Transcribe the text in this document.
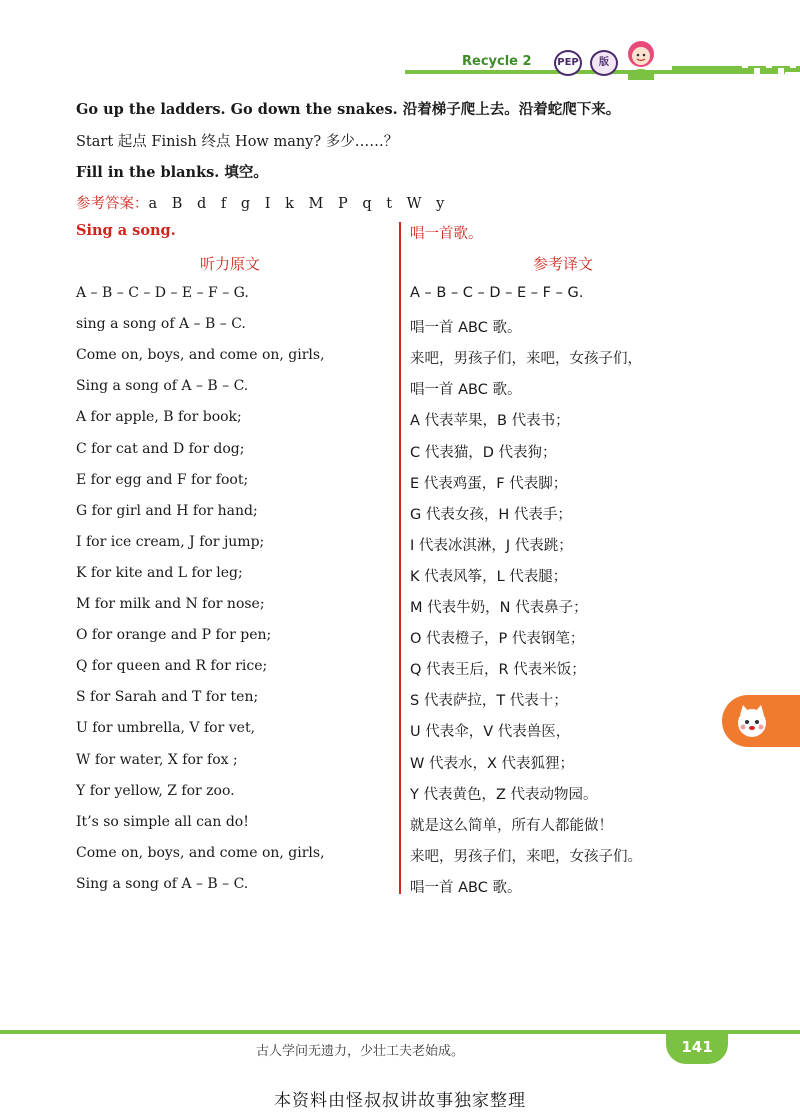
Recycle 2	PEP	版
Go up the ladders. Go down the snakes. 沿着梯子爬上去。沿着蛇爬下来。
Start 起点 Finish 终点 How many? 多少……？
Fill in the blanks. 填空。
参考答案：a B d f g I k M P q t W y
Sing a song.	唱一首歌。
听力原文	参考译文
A – B – C – D – E – F – G.	A – B – C – D – E – F – G.
sing a song of A – B – C.	唱一首 ABC 歌。
Come on, boys, and come on, girls,	来吧，男孩子们，来吧，女孩子们，
Sing a song of A – B – C.	唱一首 ABC 歌。
A for apple, B for book;	A 代表苹果，B 代表书；
C for cat and D for dog;	C 代表猫，D 代表狗；
E for egg and F for foot;	E 代表鸡蛋，F 代表脚；
G for girl and H for hand;	G 代表女孩，H 代表手；
I for ice cream, J for jump;	I 代表冰淇淋，J 代表跳；
K for kite and L for leg;	K 代表风筝，L 代表腿；
M for milk and N for nose;	M 代表牛奶，N 代表鼻子；
O for orange and P for pen;	O 代表橙子，P 代表钢笔；
Q for queen and R for rice;	Q 代表王后，R 代表米饭；
S for Sarah and T for ten;	S 代表萨拉，T 代表十；
U for umbrella, V for vet,	U 代表伞，V 代表兽医，
W for water, X for fox ;	W 代表水，X 代表狐狸；
Y for yellow, Z for zoo.	Y 代表黄色，Z 代表动物园。
It’s so simple all can do!	就是这么简单，所有人都能做！
Come on, boys, and come on, girls,	来吧，男孩子们，来吧，女孩子们。
Sing a song of A – B – C.	唱一首 ABC 歌。
古人学问无遗力，少壮工夫老始成。	141
本资料由怪叔叔讲故事独家整理
